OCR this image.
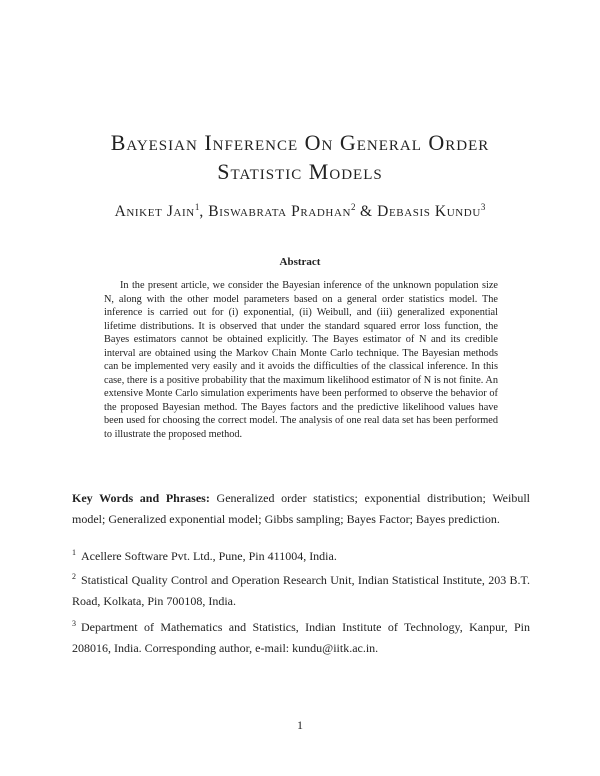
Bayesian Inference On General Order
Statistic Models
Aniket Jain$^1$, Biswabrata Pradhan$^2$ & Debasis Kundu$^3$
Abstract
In the present article, we consider the Bayesian inference of the unknown population size N, along with the other model parameters based on a general order statistics model. The inference is carried out for (i) exponential, (ii) Weibull, and (iii) generalized exponential lifetime distributions. It is observed that under the standard squared error loss function, the Bayes estimators cannot be obtained explicitly. The Bayes estimator of N and its credible interval are obtained using the Markov Chain Monte Carlo technique. The Bayesian methods can be implemented very easily and it avoids the difficulties of the classical inference. In this case, there is a positive probability that the maximum likelihood estimator of N is not finite. An extensive Monte Carlo simulation experiments have been performed to observe the behavior of the proposed Bayesian method. The Bayes factors and the predictive likelihood values have been used for choosing the correct model. The analysis of one real data set has been performed to illustrate the proposed method.
Key Words and Phrases: Generalized order statistics; exponential distribution; Weibull model; Generalized exponential model; Gibbs sampling; Bayes Factor; Bayes prediction.
$^1$ Acellere Software Pvt. Ltd., Pune, Pin 411004, India.
$^2$ Statistical Quality Control and Operation Research Unit, Indian Statistical Institute, 203 B.T. Road, Kolkata, Pin 700108, India.
$^3$ Department of Mathematics and Statistics, Indian Institute of Technology, Kanpur, Pin 208016, India. Corresponding author, e-mail: kundu@iitk.ac.in.
1
